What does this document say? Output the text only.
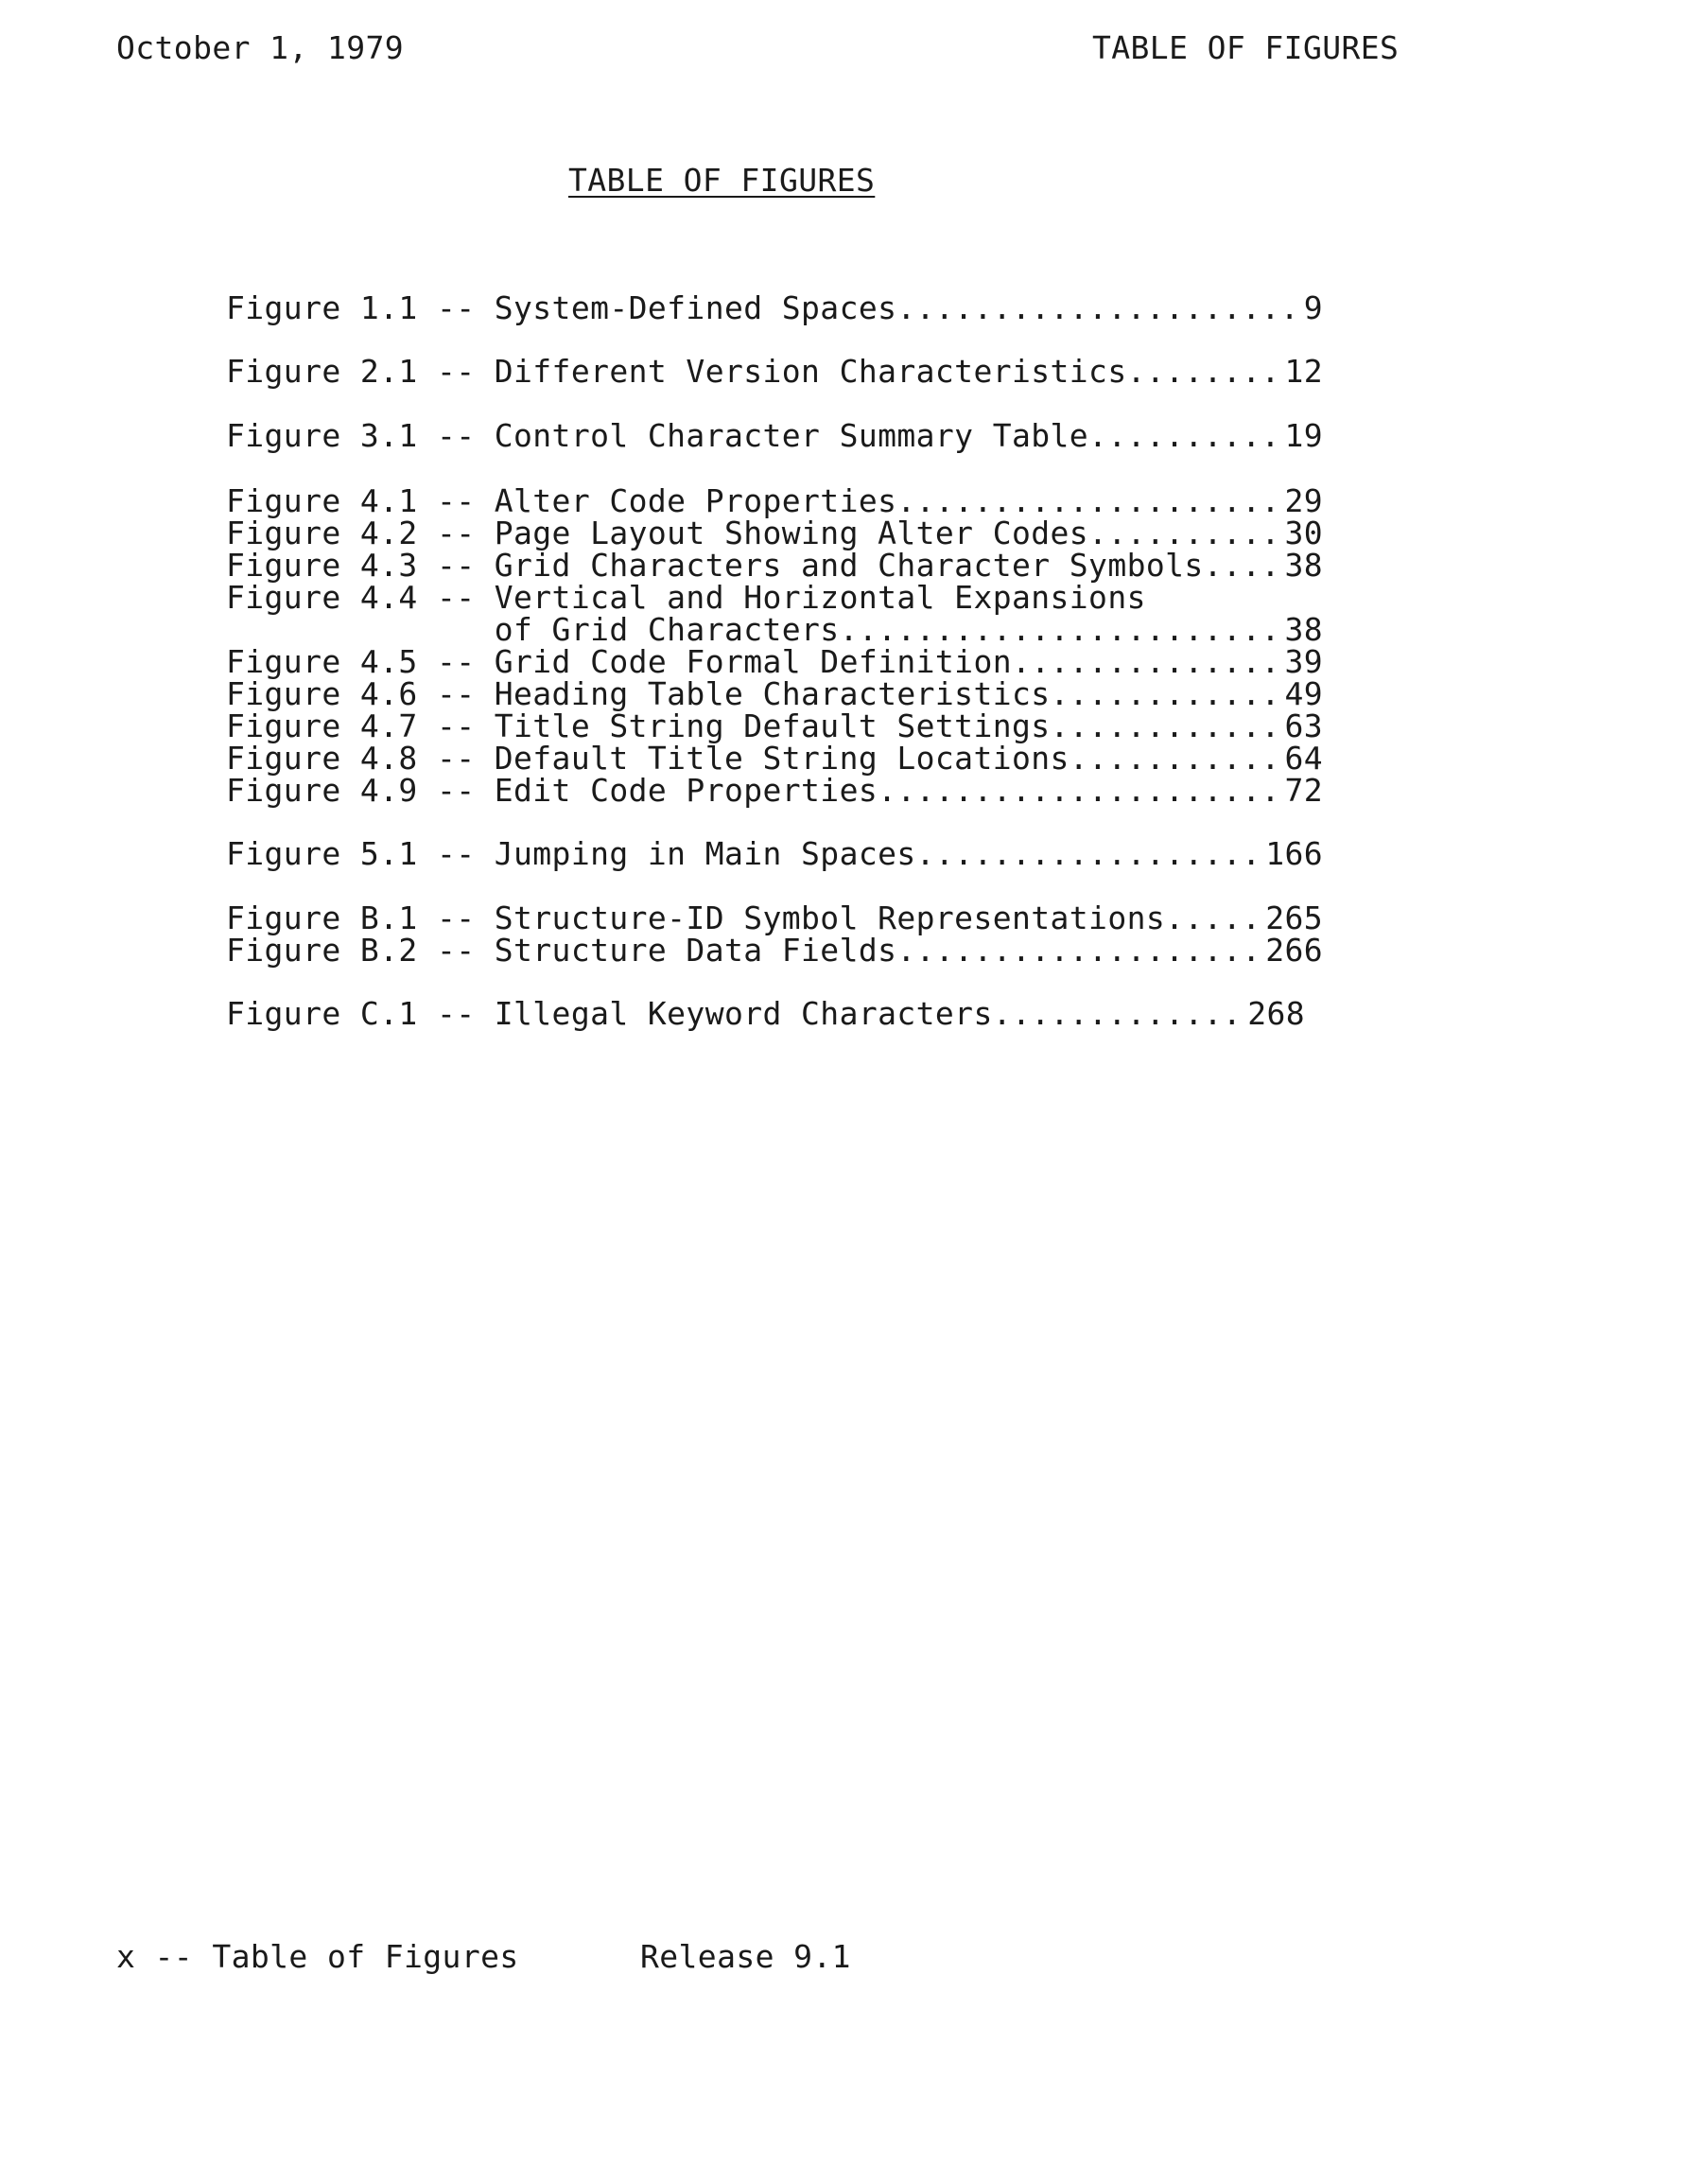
October 1, 1979	TABLE OF FIGURES
TABLE OF FIGURES
Figure 1.1 -- System-Defined Spaces .....	9
Figure 2.1 -- Different Version Characteristics .....	12
Figure 3.1 -- Control Character Summary Table .....	19
Figure 4.1 -- Alter Code Properties .....	29
Figure 4.2 -- Page Layout Showing Alter Codes .....	30
Figure 4.3 -- Grid Characters and Character Symbols .....	38
Figure 4.4 -- Vertical and Horizontal Expansions
of Grid Characters .....	38
Figure 4.5 -- Grid Code Formal Definition .....	39
Figure 4.6 -- Heading Table Characteristics .....	49
Figure 4.7 -- Title String Default Settings .....	63
Figure 4.8 -- Default Title String Locations .....	64
Figure 4.9 -- Edit Code Properties .....	72
Figure 5.1 -- Jumping in Main Spaces .....	166
Figure B.1 -- Structure-ID Symbol Representations .....	265
Figure B.2 -- Structure Data Fields .....	266
Figure C.1 -- Illegal Keyword Characters .....	268
x -- Table of Figures	Release 9.1
